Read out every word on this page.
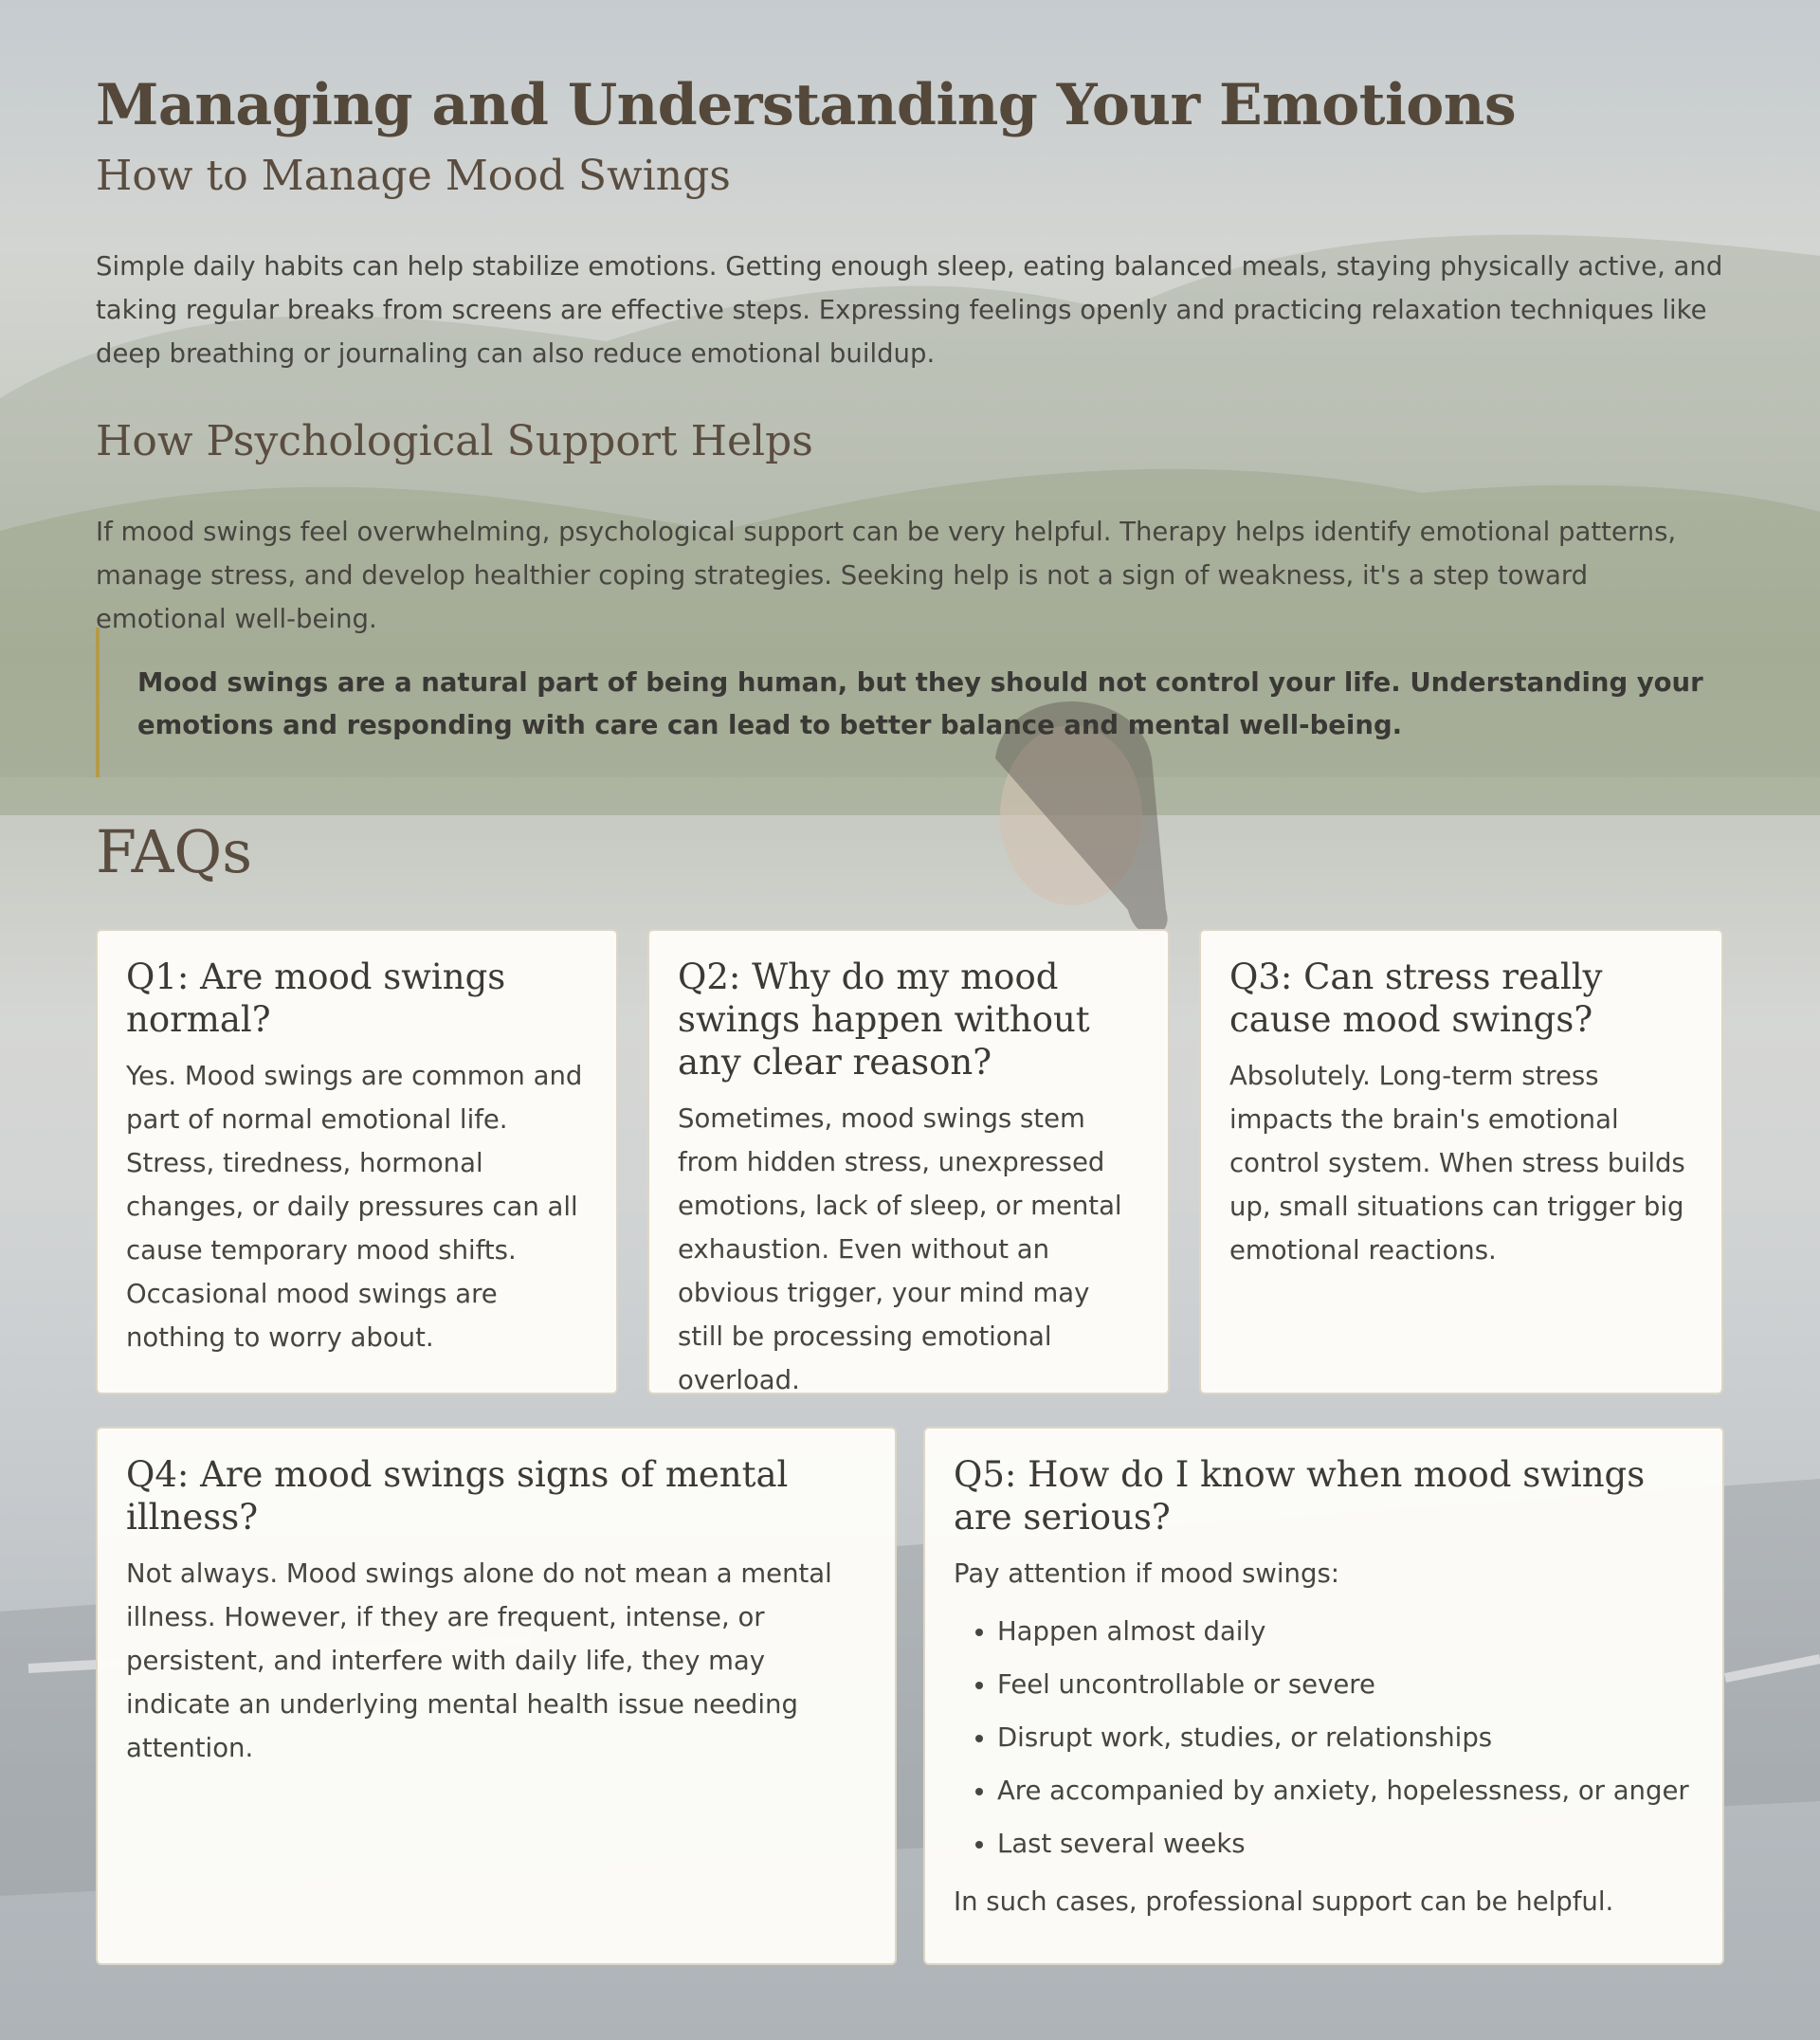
Managing and Understanding Your Emotions
How to Manage Mood Swings

Simple daily habits can help stabilize emotions. Getting enough sleep, eating balanced meals, staying physically active, and taking regular breaks from screens are effective steps. Expressing feelings openly and practicing relaxation techniques like deep breathing or journaling can also reduce emotional buildup.

How Psychological Support Helps

If mood swings feel overwhelming, psychological support can be very helpful. Therapy helps identify emotional patterns, manage stress, and develop healthier coping strategies. Seeking help is not a sign of weakness, it's a step toward emotional well-being.

Mood swings are a natural part of being human, but they should not control your life. Understanding your emotions and responding with care can lead to better balance and mental well-being.

FAQs
Q1: Are mood swings normal?

Yes. Mood swings are common and part of normal emotional life. Stress, tiredness, hormonal changes, or daily pressures can all cause temporary mood shifts. Occasional mood swings are nothing to worry about.

Q2: Why do my mood swings happen without any clear reason?

Sometimes, mood swings stem from hidden stress, unexpressed emotions, lack of sleep, or mental exhaustion. Even without an obvious trigger, your mind may still be processing emotional overload.

Q3: Can stress really cause mood swings?

Absolutely. Long-term stress impacts the brain's emotional control system. When stress builds up, small situations can trigger big emotional reactions.

Q4: Are mood swings signs of mental illness?

Not always. Mood swings alone do not mean a mental illness. However, if they are frequent, intense, or persistent, and interfere with daily life, they may indicate an underlying mental health issue needing attention.

Q5: How do I know when mood swings are serious?

Pay attention if mood swings:

• Happen almost daily
• Feel uncontrollable or severe
• Disrupt work, studies, or relationships
• Are accompanied by anxiety, hopelessness, or anger
• Last several weeks

In such cases, professional support can be helpful.
